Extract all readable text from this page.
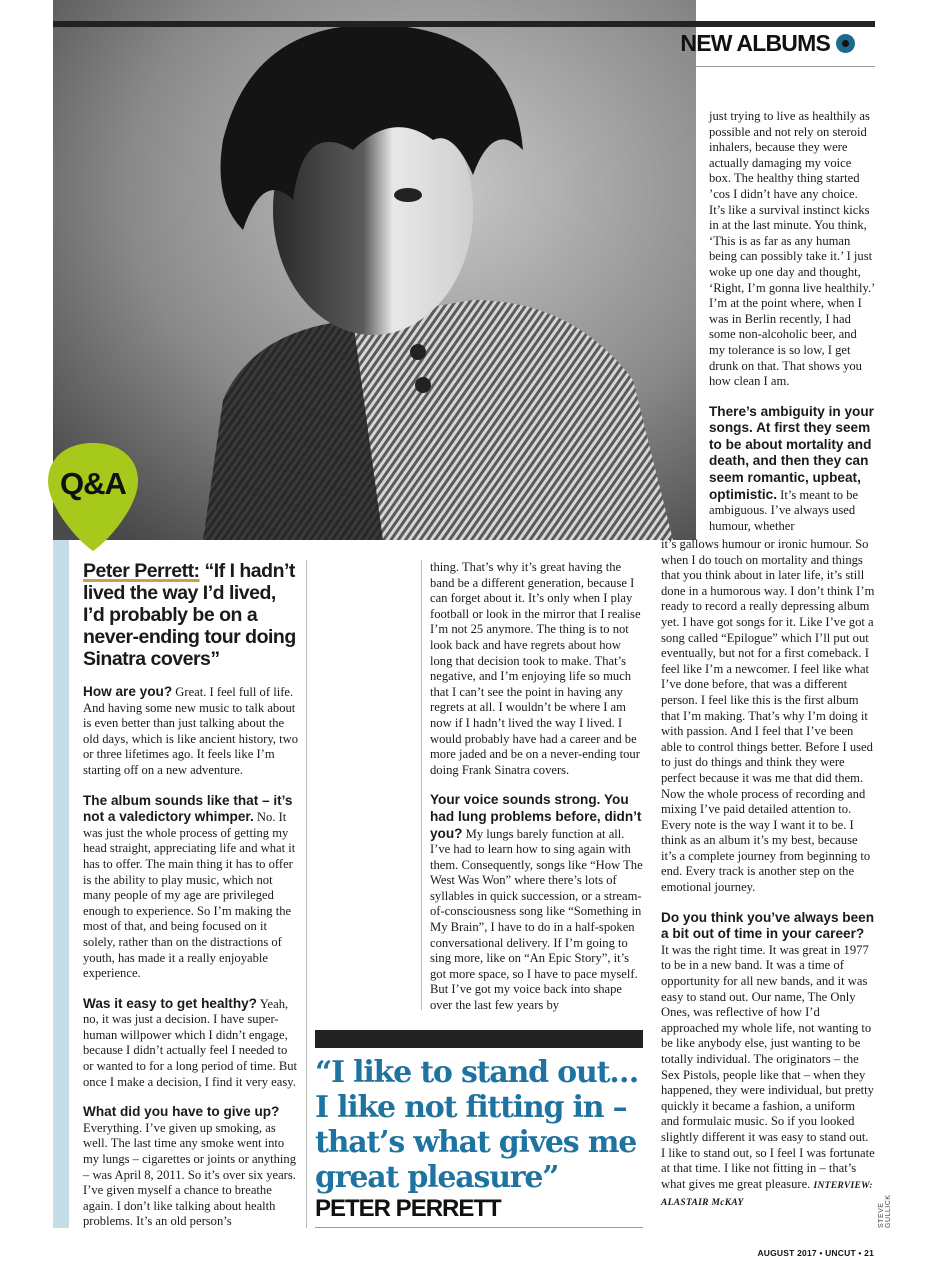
NEW ALBUMS
Q&A
Peter Perrett: “If I hadn’t lived the way I’d lived, I’d probably be on a never-ending tour doing Sinatra covers”

How are you? Great. I feel full of life. And having some new music to talk about is even better than just talking about the old days, which is like ancient history, two or three lifetimes ago. It feels like I’m starting off on a new adventure.

The album sounds like that – it’s not a valedictory whimper. No. It was just the whole process of getting my head straight, appreciating life and what it has to offer. The main thing it has to offer is the ability to play music, which not many people of my age are privileged enough to experience. So I’m making the most of that, and being focused on it solely, rather than on the distractions of youth, has made it a really enjoyable experience.

Was it easy to get healthy? Yeah, no, it was just a decision. I have super-human willpower which I didn’t engage, because I didn’t actually feel I needed to or wanted to for a long period of time. But once I make a decision, I find it very easy.

What did you have to give up? Everything. I’ve given up smoking, as well. The last time any smoke went into my lungs – cigarettes or joints or anything – was April 8, 2011. So it’s over six years. I’ve given myself a chance to breathe again. I don’t like talking about health problems. It’s an old person’s

thing. That’s why it’s great having the band be a different generation, because I can forget about it. It’s only when I play football or look in the mirror that I realise I’m not 25 anymore. The thing is to not look back and have regrets about how long that decision took to make. That’s negative, and I’m enjoying life so much that I can’t see the point in having any regrets at all. I wouldn’t be where I am now if I hadn’t lived the way I lived. I would probably have had a career and be more jaded and be on a never-ending tour doing Frank Sinatra covers.

Your voice sounds strong. You had lung problems before, didn’t you? My lungs barely function at all. I’ve had to learn how to sing again with them. Consequently, songs like “How The West Was Won” where there’s lots of syllables in quick succession, or a stream-of-consciousness song like “Something in My Brain”, I have to do in a half-spoken conversational delivery. If I’m going to sing more, like on “An Epic Story”, it’s got more space, so I have to pace myself. But I’ve got my voice back into shape over the last few years by

just trying to live as healthily as possible and not rely on steroid inhalers, because they were actually damaging my voice box. The healthy thing started ’cos I didn’t have any choice. It’s like a survival instinct kicks in at the last minute. You think, ‘This is as far as any human being can possibly take it.’ I just woke up one day and thought, ‘Right, I’m gonna live healthily.’ I’m at the point where, when I was in Berlin recently, I had some non-alcoholic beer, and my tolerance is so low, I get drunk on that. That shows you how clean I am.

There’s ambiguity in your songs. At first they seem to be about mortality and death, and then they can seem romantic, upbeat, optimistic. It’s meant to be ambiguous. I’ve always used humour, whether

it’s gallows humour or ironic humour. So when I do touch on mortality and things that you think about in later life, it’s still done in a humorous way. I don’t think I’m ready to record a really depressing album yet. I have got songs for it. Like I’ve got a song called “Epilogue” which I’ll put out eventually, but not for a first comeback. I feel like I’m a newcomer. I feel like what I’ve done before, that was a different person. I feel like this is the first album that I’m making. That’s why I’m doing it with passion. And I feel that I’ve been able to control things better. Before I used to just do things and think they were perfect because it was me that did them. Now the whole process of recording and mixing I’ve paid detailed attention to. Every note is the way I want it to be. I think as an album it’s my best, because it’s a complete journey from beginning to end. Every track is another step on the emotional journey.

Do you think you’ve always been a bit out of time in your career? It was the right time. It was great in 1977 to be in a new band. It was a time of opportunity for all new bands, and it was easy to stand out. Our name, The Only Ones, was reflective of how I’d approached my whole life, not wanting to be like anybody else, just wanting to be totally individual. The originators – the Sex Pistols, people like that – when they happened, they were individual, but pretty quickly it became a fashion, a uniform and formulaic music. So if you looked slightly different it was easy to stand out. I like to stand out, so I feel I was fortunate at that time. I like not fitting in – that’s what gives me great pleasure. INTERVIEW: ALASTAIR McKAY

“I like to stand out… I like not fitting in – that’s what gives me great pleasure”
PETER PERRETT	STEVE GULLICK
AUGUST 2017 • UNCUT • 21
